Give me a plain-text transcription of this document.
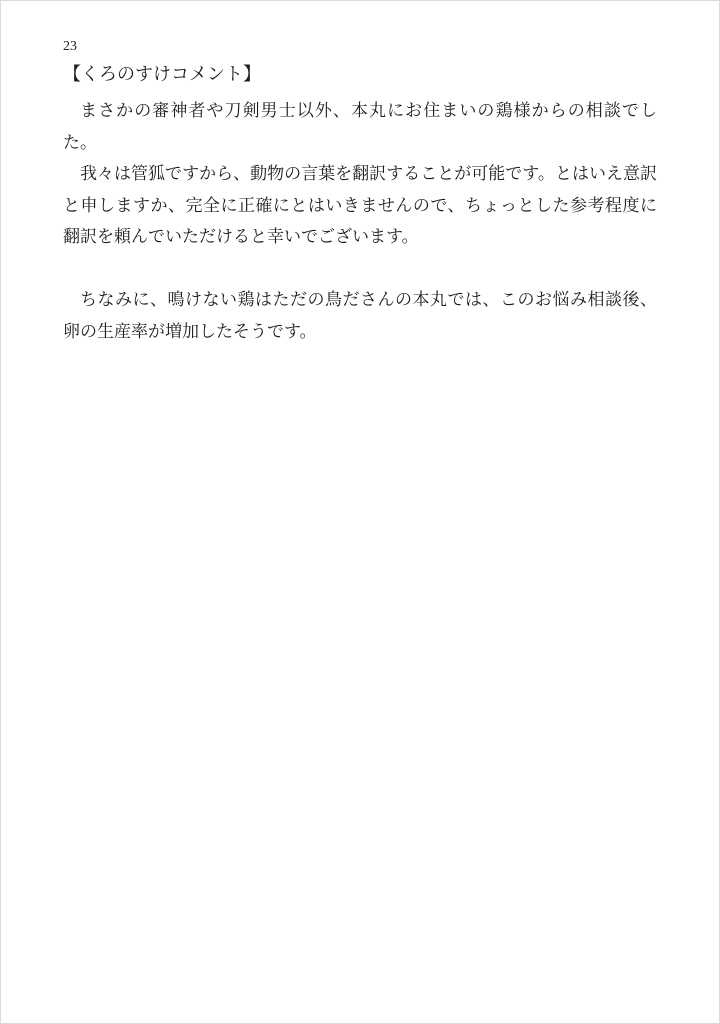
23
【くろのすけコメント】

まさかの審神者や刀剣男士以外、本丸にお住まいの鶏様からの相談でした。

我々は管狐ですから、動物の言葉を翻訳することが可能です。とはいえ意訳と申しますか、完全に正確にとはいきませんので、ちょっとした参考程度に翻訳を頼んでいただけると幸いでございます。

ちなみに、鳴けない鶏はただの鳥ださんの本丸では、このお悩み相談後、卵の生産率が増加したそうです。
